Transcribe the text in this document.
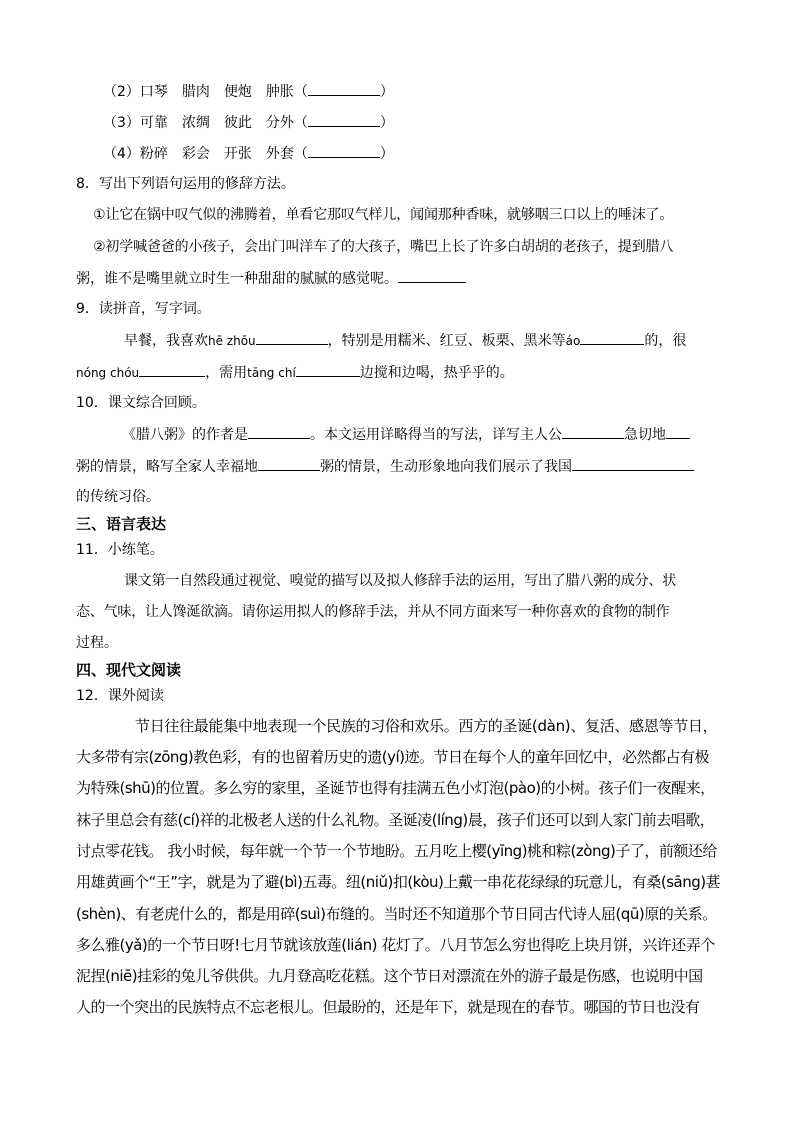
（2）口琴　腊肉　便炮　肿胀（	）
（3）可靠　浓绸　彼此　分外（	）
（4）粉碎　彩会　开张　外套（	）
8．写出下列语句运用的修辞方法。
①让它在锅中叹气似的沸腾着，单看它那叹气样儿，闻闻那种香味，就够咽三口以上的唾沫了。
②初学喊爸爸的小孩子，会出门叫洋车了的大孩子，嘴巴上长了许多白胡胡的老孩子，提到腊八
粥，谁不是嘴里就立时生一种甜甜的腻腻的感觉呢。
9．读拼音，写字词。
早餐，我喜欢hē zhōu	，特别是用糯米、红豆、板栗、黑米等áo	的，很
nóng chóu	，需用tāng chí	边搅和边喝，热乎乎的。
10．课文综合回顾。
《腊八粥》的作者是	。本文运用详略得当的写法，详写主人公	急切地
粥的情景，略写全家人幸福地	粥的情景，生动形象地向我们展示了我国
的传统习俗。
三、语言表达
11．小练笔。
课文第一自然段通过视觉、嗅觉的描写以及拟人修辞手法的运用，写出了腊八粥的成分、状
态、气味，让人馋涎欲滴。请你运用拟人的修辞手法，并从不同方面来写一种你喜欢的食物的制作
过程。
四、现代文阅读
12．课外阅读
节日往往最能集中地表现一个民族的习俗和欢乐。西方的圣诞(dàn)、复活、感恩等节日，
大多带有宗(zōng)教色彩，有的也留着历史的遗(yí)迹。节日在每个人的童年回忆中，必然都占有极
为特殊(shū)的位置。多么穷的家里，圣诞节也得有挂满五色小灯泡(pào)的小树。孩子们一夜醒来，
袜子里总会有慈(cí)祥的北极老人送的什么礼物。圣诞凌(líng)晨，孩子们还可以到人家门前去唱歌，
讨点零花钱。 我小时候，每年就一个节一个节地盼。五月吃上樱(yīng)桃和粽(zòng)子了，前额还给
用雄黄画个“王”字，就是为了避(bì)五毒。纽(niǔ)扣(kòu)上戴一串花花绿绿的玩意儿，有桑(sāng)葚
(shèn)、有老虎什么的，都是用碎(suì)布缝的。当时还不知道那个节日同古代诗人屈(qū)原的关系。
多么雅(yǎ)的一个节日呀!七月节就该放莲(lián) 花灯了。八月节怎么穷也得吃上块月饼，兴许还弄个
泥捏(niē)挂彩的兔儿爷供供。九月登高吃花糕。这个节日对漂流在外的游子最是伤感，也说明中国
人的一个突出的民族特点不忘老根儿。但最盼的，还是年下，就是现在的春节。哪国的节日也没有
